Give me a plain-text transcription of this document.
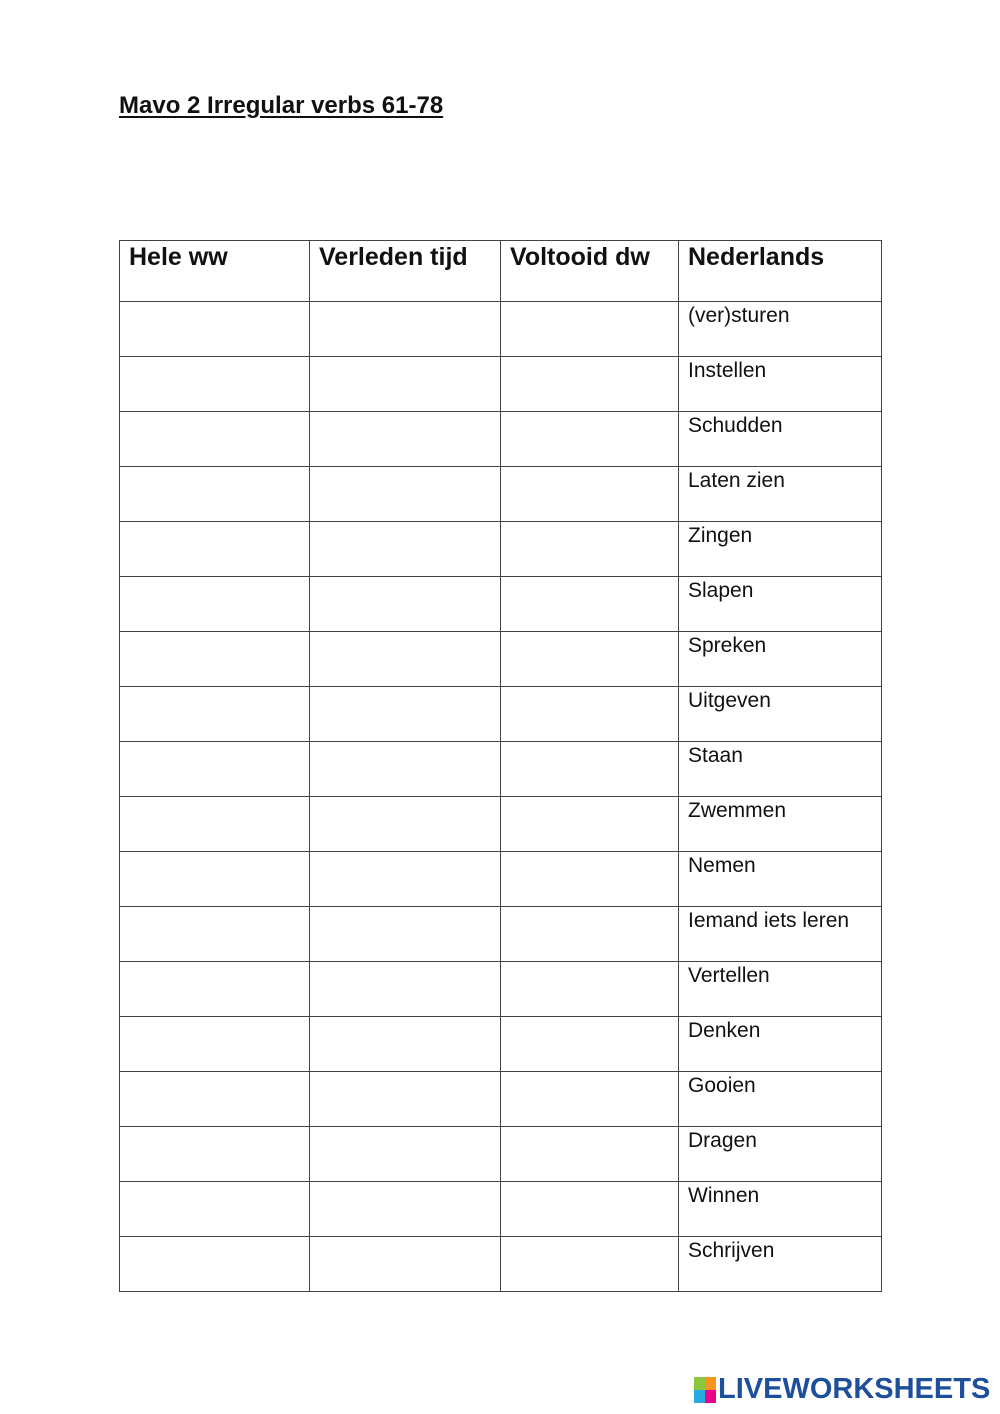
Mavo 2 Irregular verbs 61-78
Hele ww	Verleden tijd	Voltooid dw	Nederlands
			(ver)sturen
			Instellen
			Schudden
			Laten zien
			Zingen
			Slapen
			Spreken
			Uitgeven
			Staan
			Zwemmen
			Nemen
			Iemand iets leren
			Vertellen
			Denken
			Gooien
			Dragen
			Winnen
			Schrijven
LIVEWORKSHEETS
